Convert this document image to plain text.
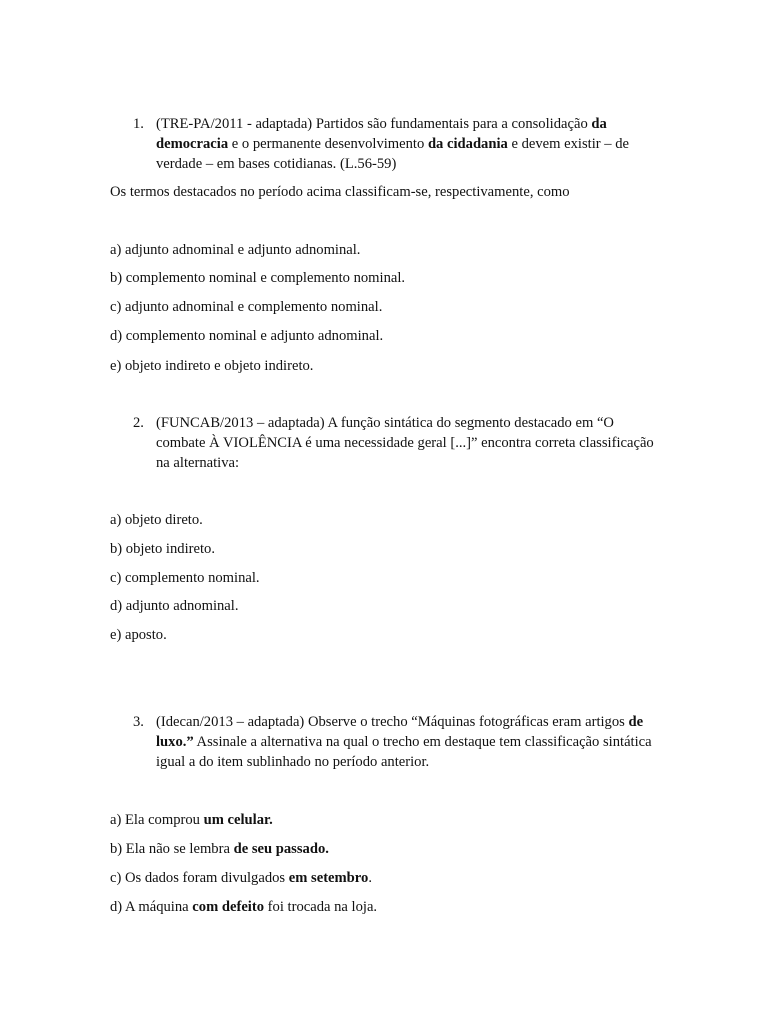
1. (TRE-PA/2011 - adaptada) Partidos são fundamentais para a consolidação da democracia e o permanente desenvolvimento da cidadania e devem existir – de verdade – em bases cotidianas. (L.56-59)
Os termos destacados no período acima classificam-se, respectivamente, como
a) adjunto adnominal e adjunto adnominal.
b) complemento nominal e complemento nominal.
c) adjunto adnominal e complemento nominal.
d) complemento nominal e adjunto adnominal.
e) objeto indireto e objeto indireto.
2. (FUNCAB/2013 – adaptada) A função sintática do segmento destacado em “O combate À VIOLÊNCIA é uma necessidade geral [...]” encontra correta classificação na alternativa:
a) objeto direto.
b) objeto indireto.
c) complemento nominal.
d) adjunto adnominal.
e) aposto.
3. (Idecan/2013 – adaptada) Observe o trecho “Máquinas fotográficas eram artigos de luxo.” Assinale a alternativa na qual o trecho em destaque tem classificação sintática igual a do item sublinhado no período anterior.
a) Ela comprou um celular.
b) Ela não se lembra de seu passado.
c) Os dados foram divulgados em setembro.
d) A máquina com defeito foi trocada na loja.
